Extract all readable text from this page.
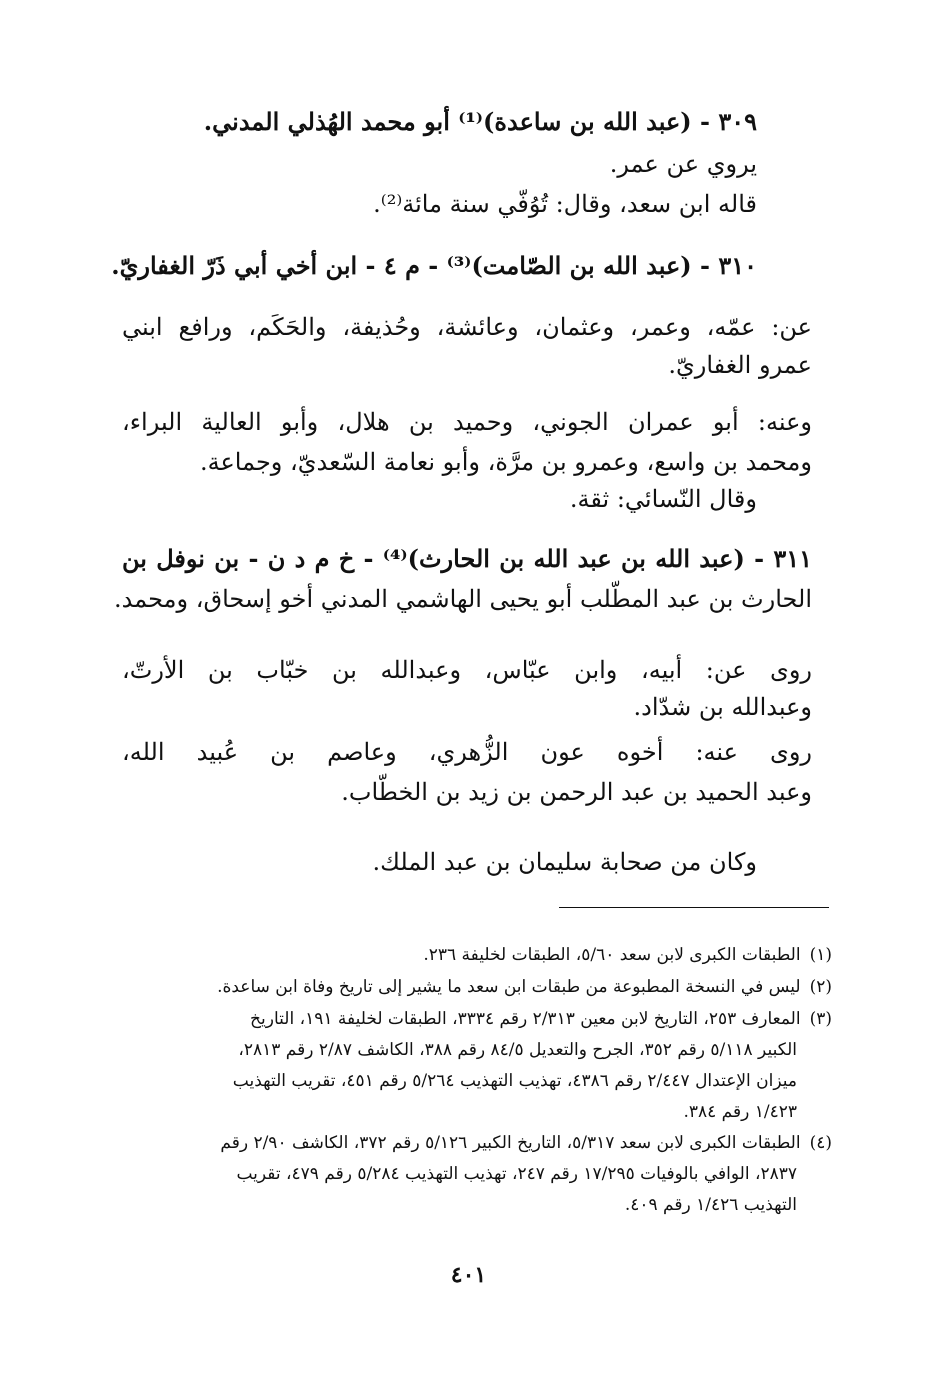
٣٠٩ - (عبد الله بن ساعدة)⁽¹⁾ أبو محمد الهُذلي المدني.
يروي عن عمر.
قاله ابن سعد، وقال: تُوُفّي سنة مائة⁽²⁾.
٣١٠ - (عبد الله بن الصّامت)⁽³⁾ - م ٤ - ابن أخي أبي ذَرّ الغفاريّ.
عن: عمّه، وعمر، وعثمان، وعائشة، وحُذيفة، والحَكَم، ورافع ابني
عمرو الغفاريّ.
وعنه: أبو عمران الجوني، وحميد بن هلال، وأبو العالية البراء،
ومحمد بن واسع، وعمرو بن مرَّة، وأبو نعامة السّعديّ، وجماعة.
وقال النّسائي: ثقة.
٣١١ - (عبد الله بن عبد الله بن الحارث)⁽⁴⁾ - خ م د ن - بن نوفل بن
الحارث بن عبد المطّلب أبو يحيى الهاشمي المدني أخو إسحاق، ومحمد.
روى عن: أبيه، وابن عبّاس، وعبدالله بن خبّاب بن الأرتّ،
وعبدالله بن شدّاد.
روى عنه: أخوه عون الزُّهري، وعاصم بن عُبيد الله،
وعبد الحميد بن عبد الرحمن بن زيد بن الخطّاب.
وكان من صحابة سليمان بن عبد الملك.
(١) الطبقات الكبرى لابن سعد ٥/٦٠، الطبقات لخليفة ٢٣٦.
(٢) ليس في النسخة المطبوعة من طبقات ابن سعد ما يشير إلى تاريخ وفاة ابن ساعدة.
(٣) المعارف ٢٥٣، التاريخ لابن معين ٢/٣١٣ رقم ٣٣٣٤، الطبقات لخليفة ١٩١، التاريخ
الكبير ٥/١١٨ رقم ٣٥٢، الجرح والتعديل ٨٤/٥ رقم ٣٨٨، الكاشف ٢/٨٧ رقم ٢٨١٣،
ميزان الإعتدال ٢/٤٤٧ رقم ٤٣٨٦، تهذيب التهذيب ٥/٢٦٤ رقم ٤٥١، تقريب التهذيب
١/٤٢٣ رقم ٣٨٤.
(٤) الطبقات الكبرى لابن سعد ٥/٣١٧، التاريخ الكبير ٥/١٢٦ رقم ٣٧٢، الكاشف ٢/٩٠ رقم
٢٨٣٧، الوافي بالوفيات ١٧/٢٩٥ رقم ٢٤٧، تهذيب التهذيب ٥/٢٨٤ رقم ٤٧٩، تقريب
التهذيب ١/٤٢٦ رقم ٤٠٩.
٤٠١
